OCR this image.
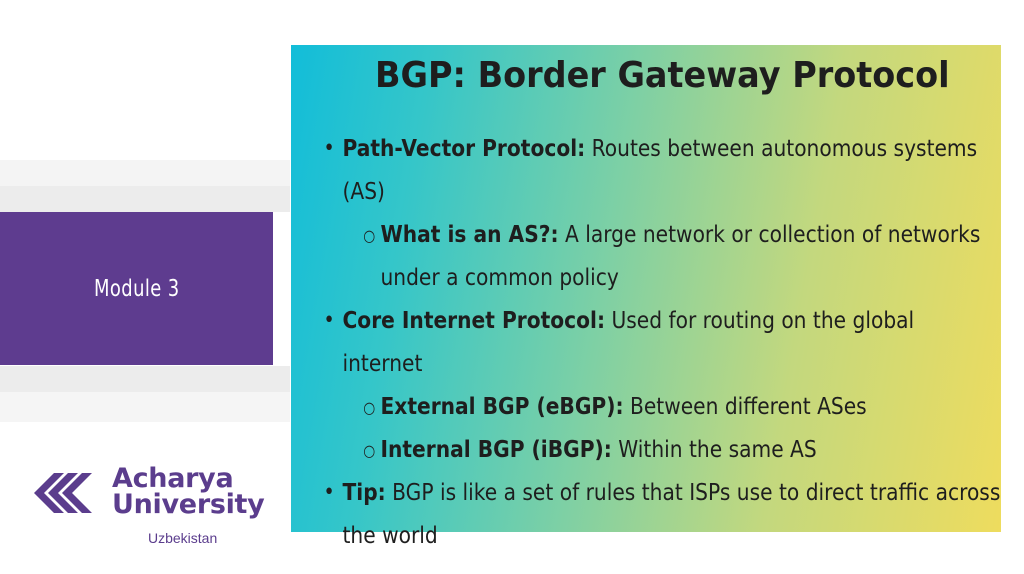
Module 3
Acharya
University
Uzbekistan
BGP: Border Gateway Protocol
• Path-Vector Protocol: Routes between autonomous systems (AS)
○ What is an AS?: A large network or collection of networks under a common policy
• Core Internet Protocol: Used for routing on the global internet
○ External BGP (eBGP): Between different ASes
○ Internal BGP (iBGP): Within the same AS
• Tip: BGP is like a set of rules that ISPs use to direct traffic across the world
